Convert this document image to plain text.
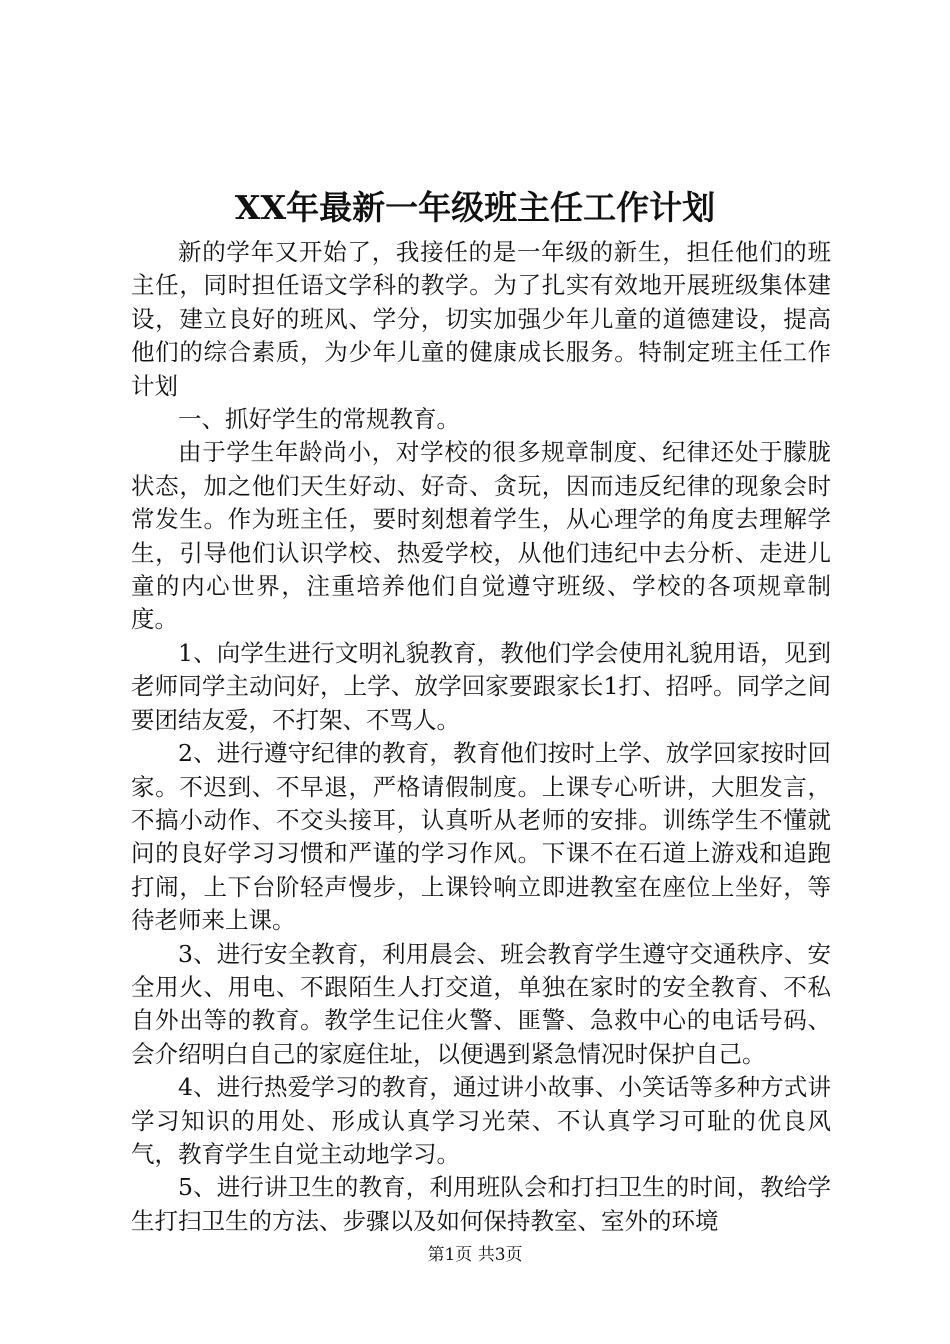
XX年最新一年级班主任工作计划

新的学年又开始了，我接任的是一年级的新生，担任他们的班主任，同时担任语文学科的教学。为了扎实有效地开展班级集体建设，建立良好的班风、学分，切实加强少年儿童的道德建设，提高他们的综合素质，为少年儿童的健康成长服务。特制定班主任工作计划

一、抓好学生的常规教育。

由于学生年龄尚小，对学校的很多规章制度、纪律还处于朦胧状态，加之他们天生好动、好奇、贪玩，因而违反纪律的现象会时常发生。作为班主任，要时刻想着学生，从心理学的角度去理解学生，引导他们认识学校、热爱学校，从他们违纪中去分析、走进儿童的内心世界，注重培养他们自觉遵守班级、学校的各项规章制度。

1、向学生进行文明礼貌教育，教他们学会使用礼貌用语，见到老师同学主动问好，上学、放学回家要跟家长1打、招呼。同学之间要团结友爱，不打架、不骂人。

2、进行遵守纪律的教育，教育他们按时上学、放学回家按时回家。不迟到、不早退，严格请假制度。上课专心听讲，大胆发言，不搞小动作、不交头接耳，认真听从老师的安排。训练学生不懂就问的良好学习习惯和严谨的学习作风。下课不在石道上游戏和追跑打闹，上下台阶轻声慢步，上课铃响立即进教室在座位上坐好，等待老师来上课。

3、进行安全教育，利用晨会、班会教育学生遵守交通秩序、安全用火、用电、不跟陌生人打交道，单独在家时的安全教育、不私自外出等的教育。教学生记住火警、匪警、急救中心的电话号码、会介绍明白自己的家庭住址，以便遇到紧急情况时保护自己。

4、进行热爱学习的教育，通过讲小故事、小笑话等多种方式讲学习知识的用处、形成认真学习光荣、不认真学习可耻的优良风气，教育学生自觉主动地学习。

5、进行讲卫生的教育，利用班队会和打扫卫生的时间，教给学生打扫卫生的方法、步骤以及如何保持教室、室外的环境

第1页 共3页
